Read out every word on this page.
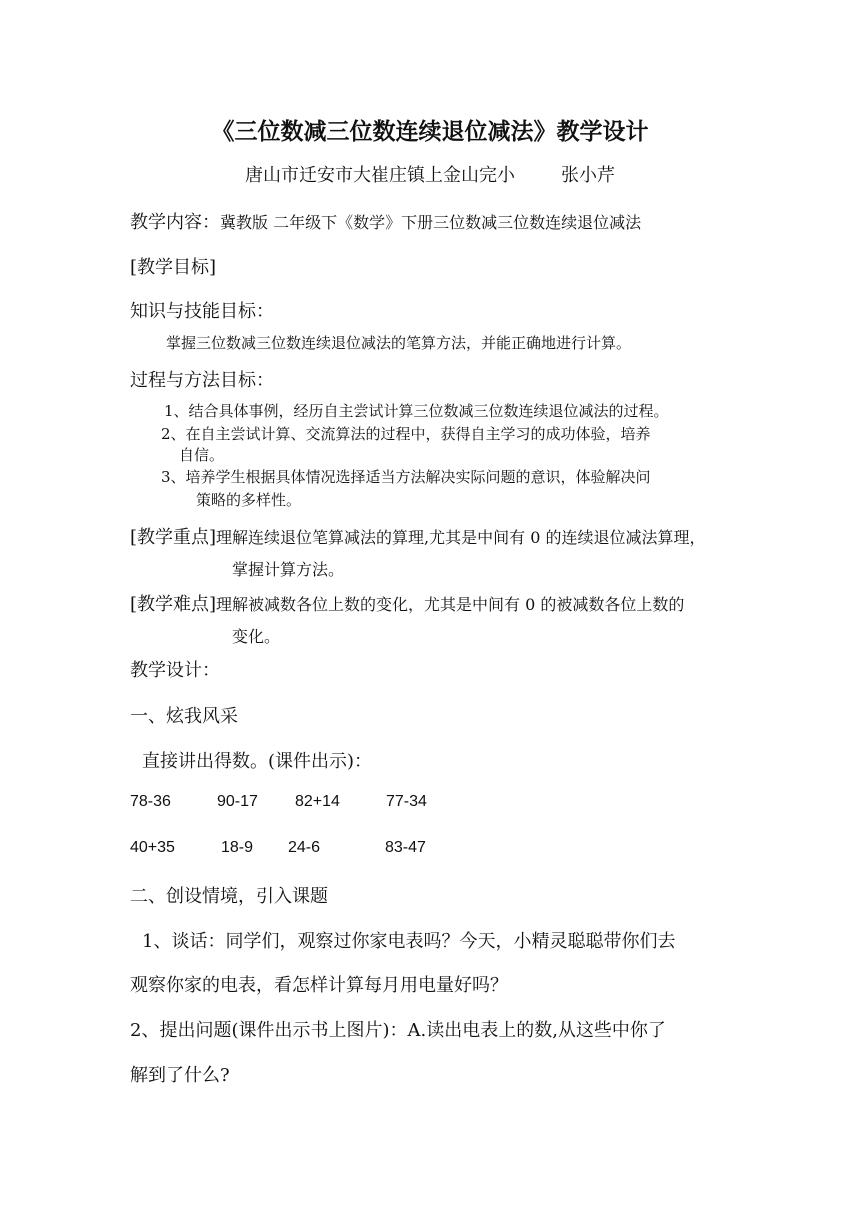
《三位数减三位数连续退位减法》教学设计

唐山市迁安市大崔庄镇上金山完小	张小芹

教学内容：冀教版 二年级下《数学》下册三位数减三位数连续退位减法

[教学目标]

知识与技能目标：

掌握三位数减三位数连续退位减法的笔算方法，并能正确地进行计算。

过程与方法目标：

1、结合具体事例，经历自主尝试计算三位数减三位数连续退位减法的过程。

2、在自主尝试计算、交流算法的过程中，获得自主学习的成功体验，培养

自信。

3、培养学生根据具体情况选择适当方法解决实际问题的意识，体验解决问

策略的多样性。

[教学重点]理解连续退位笔算减法的算理,尤其是中间有 0 的连续退位减法算理，

掌握计算方法。

[教学难点]理解被减数各位上数的变化，尤其是中间有 0 的被减数各位上数的

变化。

教学设计：

一、炫我风采

直接讲出得数。(课件出示)：

78-36	90-17 82+14	77-34

40+35	18-9 24-6	83-47

二、创设情境，引入课题

1、谈话：同学们，观察过你家电表吗？今天，小精灵聪聪带你们去

观察你家的电表，看怎样计算每月用电量好吗？

2、提出问题(课件出示书上图片)：A.读出电表上的数,从这些中你了

解到了什么?
